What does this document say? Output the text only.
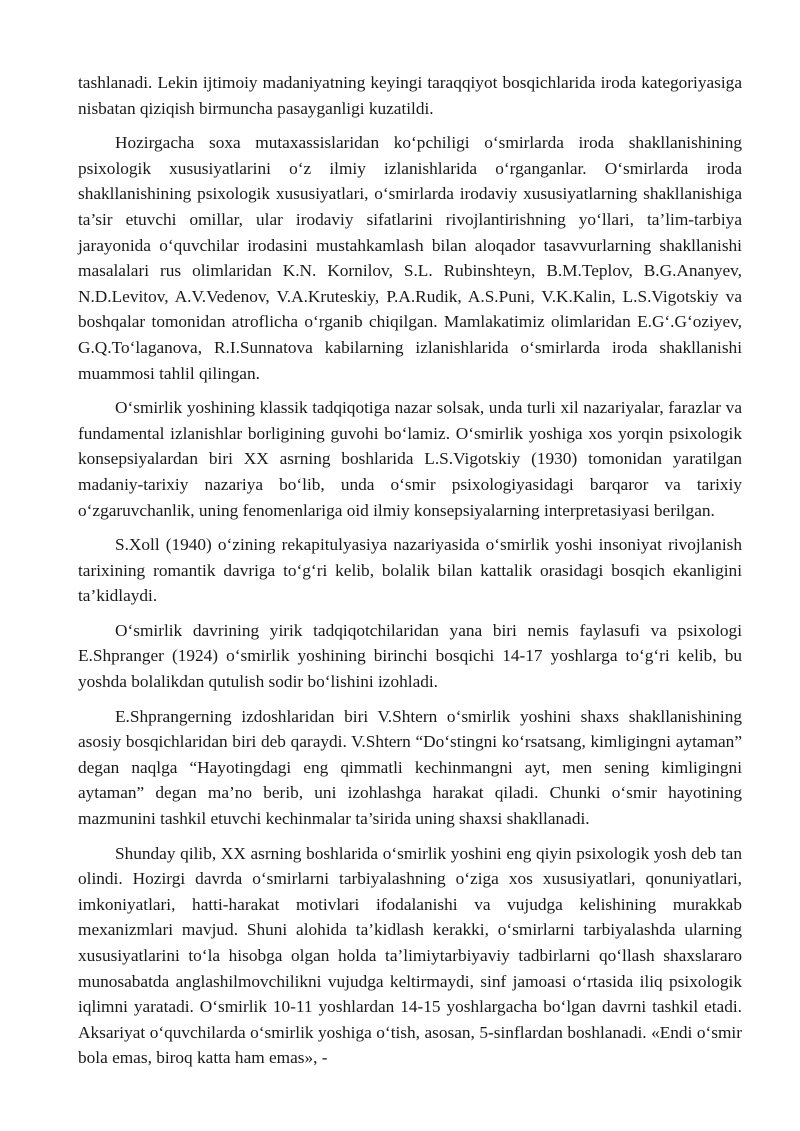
tashlanadi. Lekin ijtimoiy madaniyatning keyingi taraqqiyot bosqichlarida iroda kategoriyasiga nisbatan qiziqish birmuncha pasayganligi kuzatildi.

Hozirgacha soxa mutaxassislaridan ko‘pchiligi o‘smirlarda iroda shakllanishining psixologik xususiyatlarini o‘z ilmiy izlanishlarida o‘rganganlar. O‘smirlarda iroda shakllanishining psixologik xususiyatlari, o‘smirlarda irodaviy xususiyatlarning shakllanishiga ta’sir etuvchi omillar, ular irodaviy sifatlarini rivojlantirishning yo‘llari, ta’lim-tarbiya jarayonida o‘quvchilar irodasini mustahkamlash bilan aloqador tasavvurlarning shakllanishi masalalari rus olimlaridan K.N. Kornilov, S.L. Rubinshteyn, B.M.Teplov, B.G.Ananyev, N.D.Levitov, A.V.Vedenov, V.A.Kruteskiy, P.A.Rudik, A.S.Puni, V.K.Kalin, L.S.Vigotskiy va boshqalar tomonidan atroflicha o‘rganib chiqilgan. Mamlakatimiz olimlaridan E.G‘.G‘oziyev, G.Q.To‘laganova, R.I.Sunnatova kabilarning izlanishlarida o‘smirlarda iroda shakllanishi muammosi tahlil qilingan.

O‘smirlik yoshining klassik tadqiqotiga nazar solsak, unda turli xil nazariyalar, farazlar va fundamental izlanishlar borligining guvohi bo‘lamiz. O‘smirlik yoshiga xos yorqin psixologik konsepsiyalardan biri XX asrning boshlarida L.S.Vigotskiy (1930) tomonidan yaratilgan madaniy-tarixiy nazariya bo‘lib, unda o‘smir psixologiyasidagi barqaror va tarixiy o‘zgaruvchanlik, uning fenomenlariga oid ilmiy konsepsiyalarning interpretasiyasi berilgan.

S.Xoll (1940) o‘zining rekapitulyasiya nazariyasida o‘smirlik yoshi insoniyat rivojlanish tarixining romantik davriga to‘g‘ri kelib, bolalik bilan kattalik orasidagi bosqich ekanligini ta’kidlaydi.

O‘smirlik davrining yirik tadqiqotchilaridan yana biri nemis faylasufi va psixologi E.Shpranger (1924) o‘smirlik yoshining birinchi bosqichi 14-17 yoshlarga to‘g‘ri kelib, bu yoshda bolalikdan qutulish sodir bo‘lishini izohladi.

E.Shprangerning izdoshlaridan biri V.Shtern o‘smirlik yoshini shaxs shakllanishining asosiy bosqichlaridan biri deb qaraydi. V.Shtern “Do‘stingni ko‘rsatsang, kimligingni aytaman” degan naqlga “Hayotingdagi eng qimmatli kechinmangni ayt, men sening kimligingni aytaman” degan ma’no berib, uni izohlashga harakat qiladi. Chunki o‘smir hayotining mazmunini tashkil etuvchi kechinmalar ta’sirida uning shaxsi shakllanadi.

Shunday qilib, XX asrning boshlarida o‘smirlik yoshini eng qiyin psixologik yosh deb tan olindi. Hozirgi davrda o‘smirlarni tarbiyalashning o‘ziga xos xususiyatlari, qonuniyatlari, imkoniyatlari, hatti-harakat motivlari ifodalanishi va vujudga kelishining murakkab mexanizmlari mavjud. Shuni alohida ta’kidlash kerakki, o‘smirlarni tarbiyalashda ularning xususiyatlarini to‘la hisobga olgan holda ta’limiytarbiyaviy tadbirlarni qo‘llash shaxslararo munosabatda anglashilmovchilikni vujudga keltirmaydi, sinf jamoasi o‘rtasida iliq psixologik iqlimni yaratadi. O‘smirlik 10-11 yoshlardan 14-15 yoshlargacha bo‘lgan davrni tashkil etadi. Aksariyat o‘quvchilarda o‘smirlik yoshiga o‘tish, asosan, 5-sinflardan boshlanadi. «Endi o‘smir bola emas, biroq katta ham emas», -
